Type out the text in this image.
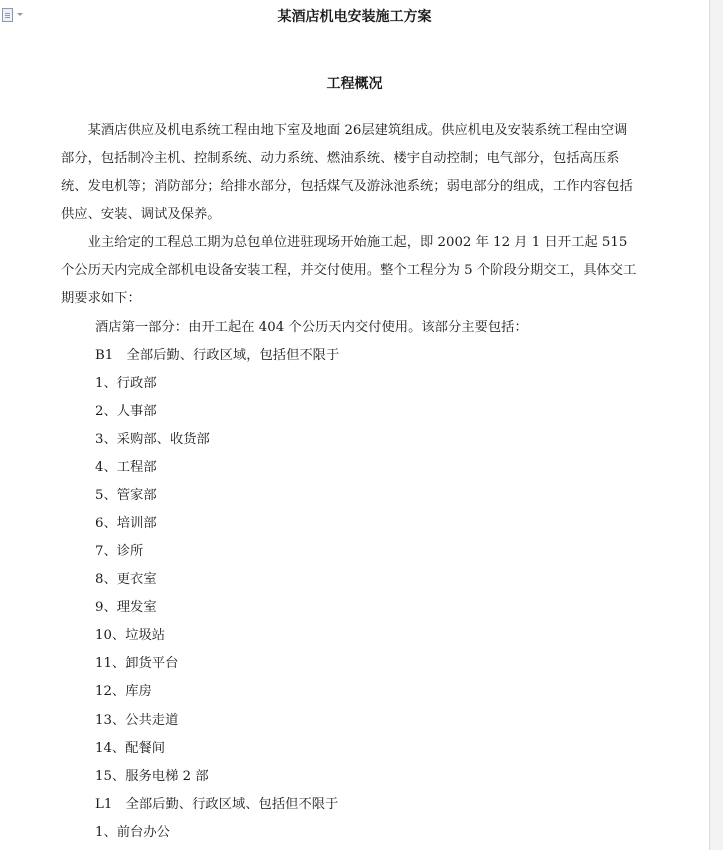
某酒店机电安装施工方案
工程概况

某酒店供应及机电系统工程由地下室及地面 26层建筑组成。供应机电及安装系统工程由空调部分，包括制冷主机、控制系统、动力系统、燃油系统、楼宇自动控制；电气部分，包括高压系统、发电机等；消防部分；给排水部分，包括煤气及游泳池系统；弱电部分的组成，工作内容包括供应、安装、调试及保养。

业主给定的工程总工期为总包单位进驻现场开始施工起，即 2002 年 12 月 1 日开工起 515 个公历天内完成全部机电设备安装工程，并交付使用。整个工程分为 5 个阶段分期交工，具体交工期要求如下：

酒店第一部分：由开工起在 404 个公历天内交付使用。该部分主要包括：
B1　全部后勤、行政区域，包括但不限于
1、行政部
2、人事部
3、采购部、收货部
4、工程部
5、管家部
6、培训部
7、诊所
8、更衣室
9、理发室
10、垃圾站
11、卸货平台
12、库房
13、公共走道
14、配餐间
15、服务电梯 2 部
L1　全部后勤、行政区域、包括但不限于
1、前台办公
